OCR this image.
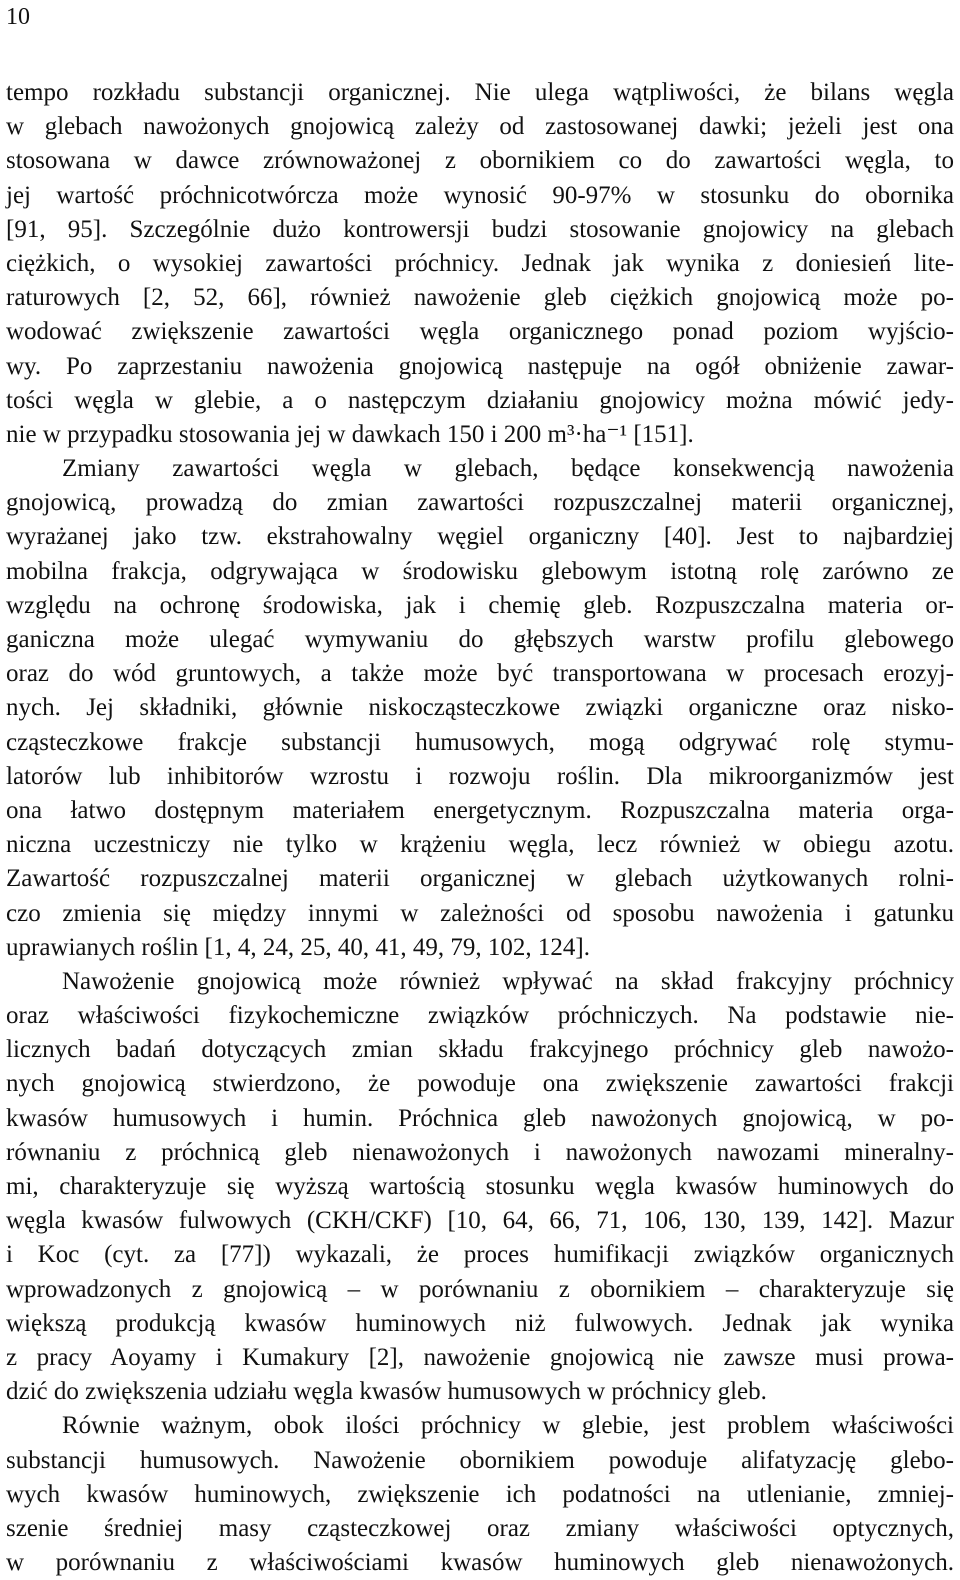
10
tempo rozkładu substancji organicznej. Nie ulega wątpliwości, że bilans węgla
w glebach nawożonych gnojowicą zależy od zastosowanej dawki; jeżeli jest ona
stosowana w dawce zrównoważonej z obornikiem co do zawartości węgla, to
jej wartość próchnicotwórcza może wynosić 90-97% w stosunku do obornika
[91, 95]. Szczególnie dużo kontrowersji budzi stosowanie gnojowicy na glebach
ciężkich, o wysokiej zawartości próchnicy. Jednak jak wynika z doniesień lite-
raturowych [2, 52, 66], również nawożenie gleb ciężkich gnojowicą może po-
wodować zwiększenie zawartości węgla organicznego ponad poziom wyjścio-
wy. Po zaprzestaniu nawożenia gnojowicą następuje na ogół obniżenie zawar-
tości węgla w glebie, a o następczym działaniu gnojowicy można mówić jedy-
nie w przypadku stosowania jej w dawkach 150 i 200 m³·ha⁻¹ [151].
Zmiany zawartości węgla w glebach, będące konsekwencją nawożenia
gnojowicą, prowadzą do zmian zawartości rozpuszczalnej materii organicznej,
wyrażanej jako tzw. ekstrahowalny węgiel organiczny [40]. Jest to najbardziej
mobilna frakcja, odgrywająca w środowisku glebowym istotną rolę zarówno ze
względu na ochronę środowiska, jak i chemię gleb. Rozpuszczalna materia or-
ganiczna może ulegać wymywaniu do głębszych warstw profilu glebowego
oraz do wód gruntowych, a także może być transportowana w procesach erozyj-
nych. Jej składniki, głównie niskocząsteczkowe związki organiczne oraz nisko-
cząsteczkowe frakcje substancji humusowych, mogą odgrywać rolę stymu-
latorów lub inhibitorów wzrostu i rozwoju roślin. Dla mikroorganizmów jest
ona łatwo dostępnym materiałem energetycznym. Rozpuszczalna materia orga-
niczna uczestniczy nie tylko w krążeniu węgla, lecz również w obiegu azotu.
Zawartość rozpuszczalnej materii organicznej w glebach użytkowanych rolni-
czo zmienia się między innymi w zależności od sposobu nawożenia i gatunku
uprawianych roślin [1, 4, 24, 25, 40, 41, 49, 79, 102, 124].
Nawożenie gnojowicą może również wpływać na skład frakcyjny próchnicy
oraz właściwości fizykochemiczne związków próchniczych. Na podstawie nie-
licznych badań dotyczących zmian składu frakcyjnego próchnicy gleb nawożo-
nych gnojowicą stwierdzono, że powoduje ona zwiększenie zawartości frakcji
kwasów humusowych i humin. Próchnica gleb nawożonych gnojowicą, w po-
równaniu z próchnicą gleb nienawożonych i nawożonych nawozami mineralny-
mi, charakteryzuje się wyższą wartością stosunku węgla kwasów huminowych do
węgla kwasów fulwowych (CKH/CKF) [10, 64, 66, 71, 106, 130, 139, 142]. Mazur
i Koc (cyt. za [77]) wykazali, że proces humifikacji związków organicznych
wprowadzonych z gnojowicą – w porównaniu z obornikiem – charakteryzuje się
większą produkcją kwasów huminowych niż fulwowych. Jednak jak wynika
z pracy Aoyamy i Kumakury [2], nawożenie gnojowicą nie zawsze musi prowa-
dzić do zwiększenia udziału węgla kwasów humusowych w próchnicy gleb.
Równie ważnym, obok ilości próchnicy w glebie, jest problem właściwości
substancji humusowych. Nawożenie obornikiem powoduje alifatyzację glebo-
wych kwasów huminowych, zwiększenie ich podatności na utlenianie, zmniej-
szenie średniej masy cząsteczkowej oraz zmiany właściwości optycznych,
w porównaniu z właściwościami kwasów huminowych gleb nienawożonych.
